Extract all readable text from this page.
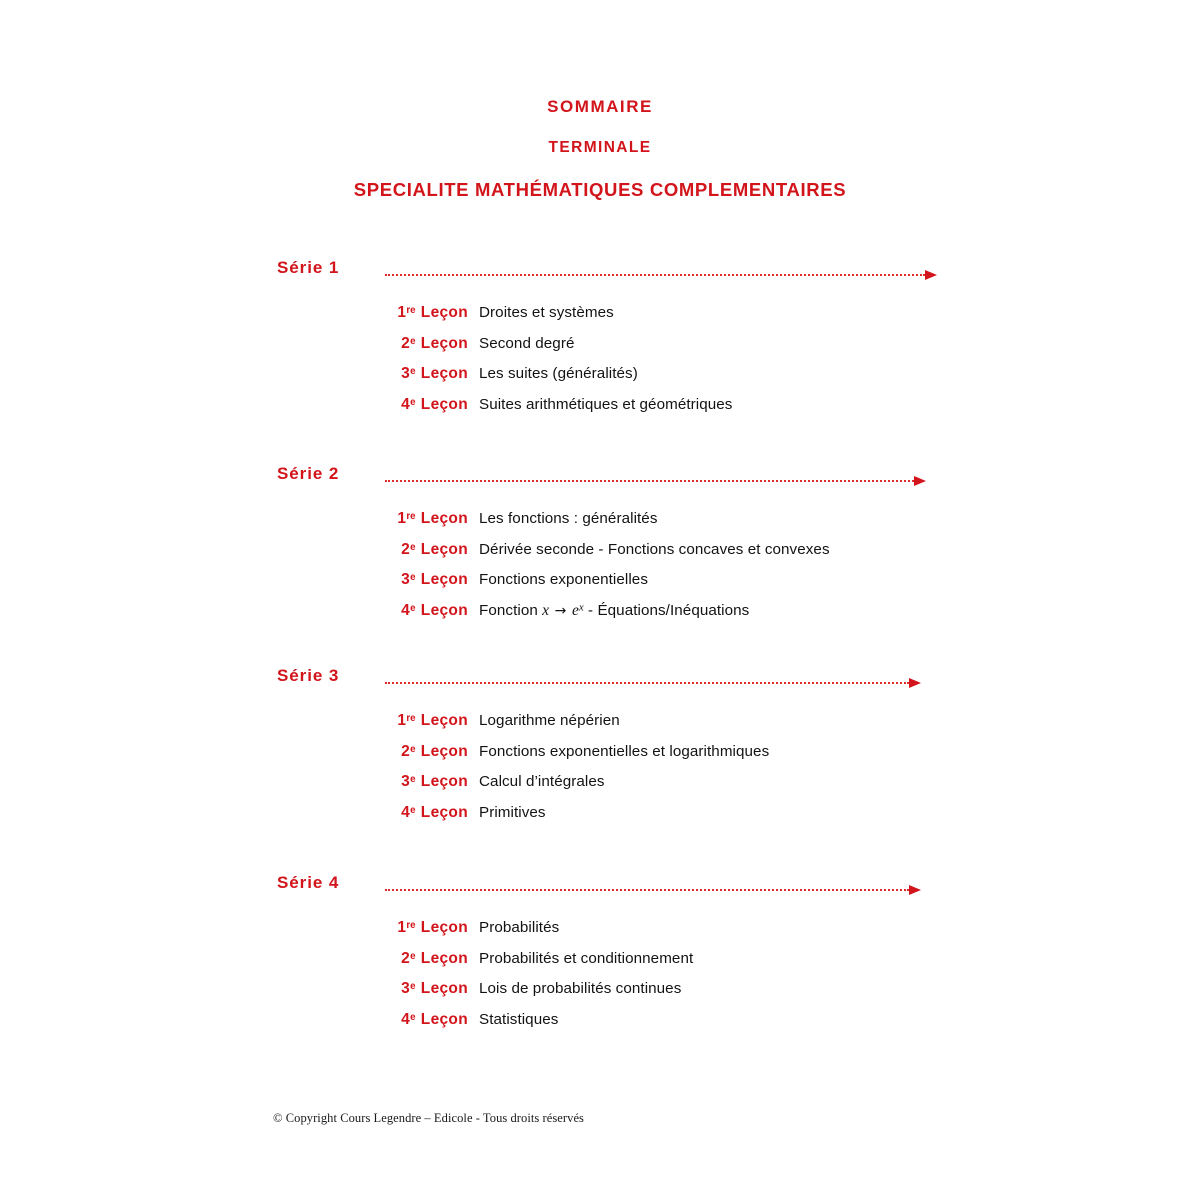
SOMMAIRE
TERMINALE
SPECIALITE MATHÉMATIQUES COMPLEMENTAIRES
Série 1
1re Leçon Droites et systèmes
2e Leçon Second degré
3e Leçon Les suites (généralités)
4e Leçon Suites arithmétiques et géométriques
Série 2
1re Leçon Les fonctions : généralités
2e Leçon Dérivée seconde - Fonctions concaves et convexes
3e Leçon Fonctions exponentielles
4e Leçon Fonction $x \to e^x$ - Équations/Inéquations
Série 3
1re Leçon Logarithme népérien
2e Leçon Fonctions exponentielles et logarithmiques
3e Leçon Calcul d’intégrales
4e Leçon Primitives
Série 4
1re Leçon Probabilités
2e Leçon Probabilités et conditionnement
3e Leçon Lois de probabilités continues
4e Leçon Statistiques
© Copyright Cours Legendre – Edicole - Tous droits réservés
